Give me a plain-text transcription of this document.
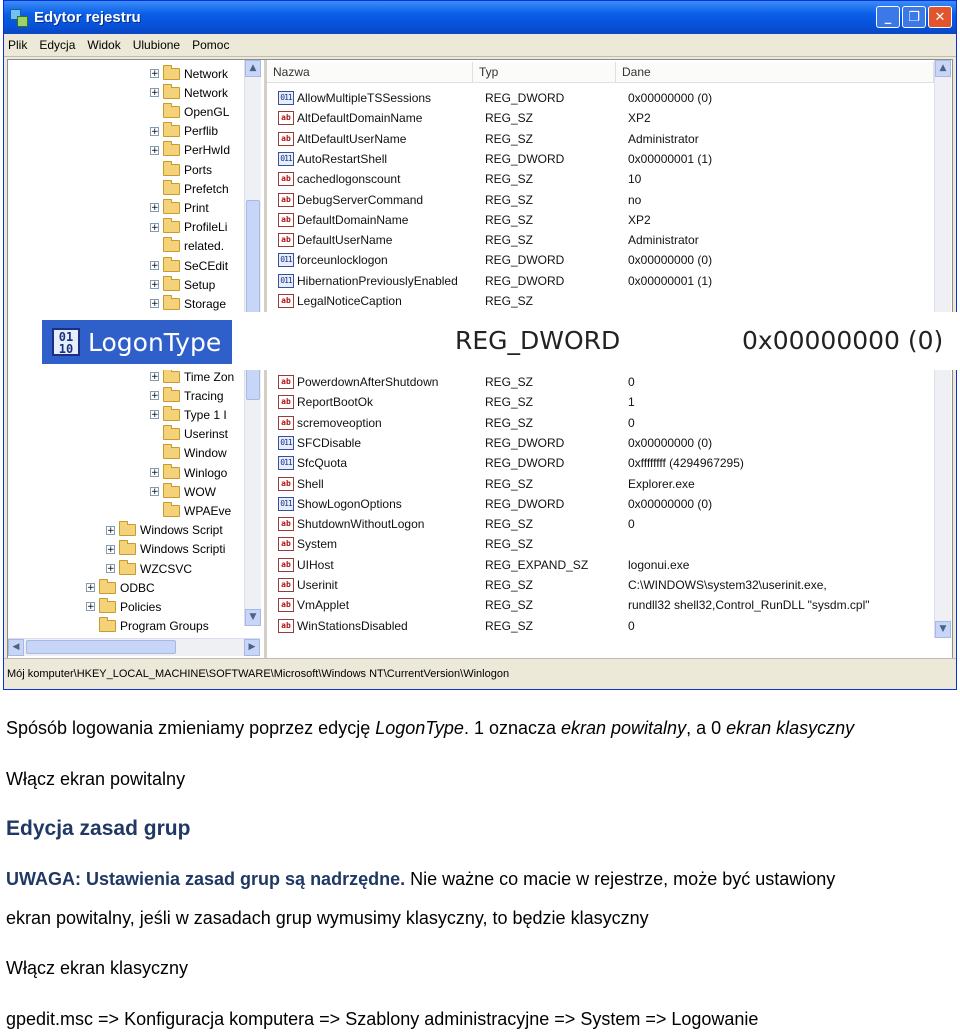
Edytor rejestru	_	❐	✕
Plik Edycja Widok Ulubione Pomoc
+ Network
+ Network
OpenGL
+ Perflib
+ PerHwId
Ports
Prefetch
+ Print
+ ProfileLi
related.
+ SeCEdit
+ Setup
+ Storage
+ Time Zon
+ Tracing
+ Type 1 I
Userinst
Window
+ Winlogo
+ WOW
WPAEve
+ Windows Script
+ Windows Scripti
+ WZCSVC
+ ODBC
+ Policies
Program Groups
▲
▼
◀	▶
Nazwa	Typ	Dane
011 AllowMultipleTSSessions	REG_DWORD	0x00000000 (0)
ab AltDefaultDomainName	REG_SZ	XP2
ab AltDefaultUserName	REG_SZ	Administrator
011 AutoRestartShell	REG_DWORD	0x00000001 (1)
ab cachedlogonscount	REG_SZ	10
ab DebugServerCommand	REG_SZ	no
ab DefaultDomainName	REG_SZ	XP2
ab DefaultUserName	REG_SZ	Administrator
011 forceunlocklogon	REG_DWORD	0x00000000 (0)
011 HibernationPreviouslyEnabled	REG_DWORD	0x00000001 (1)
ab LegalNoticeCaption	REG_SZ
ab PowerdownAfterShutdown	REG_SZ	0
ab ReportBootOk	REG_SZ	1
ab scremoveoption	REG_SZ	0
011 SFCDisable	REG_DWORD	0x00000000 (0)
011 SfcQuota	REG_DWORD	0xffffffff (4294967295)
ab Shell	REG_SZ	Explorer.exe
011 ShowLogonOptions	REG_DWORD	0x00000000 (0)
ab ShutdownWithoutLogon	REG_SZ	0
ab System	REG_SZ
ab UIHost	REG_EXPAND_SZ	logonui.exe
ab Userinit	REG_SZ	C:\WINDOWS\system32\userinit.exe,
ab VmApplet	REG_SZ	rundll32 shell32,Control_RunDLL "sysdm.cpl"
ab WinStationsDisabled	REG_SZ	0
▲
▼
Mój komputer\HKEY_LOCAL_MACHINE\SOFTWARE\Microsoft\Windows NT\CurrentVersion\Winlogon
01
10 LogonType	REG_DWORD	0x00000000 (0)
Spósób logowania zmieniamy poprzez edycję LogonType. 1 oznacza ekran powitalny, a 0 ekran klasyczny
Włącz ekran powitalny
Edycja zasad grup
UWAGA: Ustawienia zasad grup są nadrzędne. Nie ważne co macie w rejestrze, może być ustawiony
ekran powitalny, jeśli w zasadach grup wymusimy klasyczny, to będzie klasyczny
Włącz ekran klasyczny
gpedit.msc => Konfiguracja komputera => Szablony administracyjne => System => Logowanie
